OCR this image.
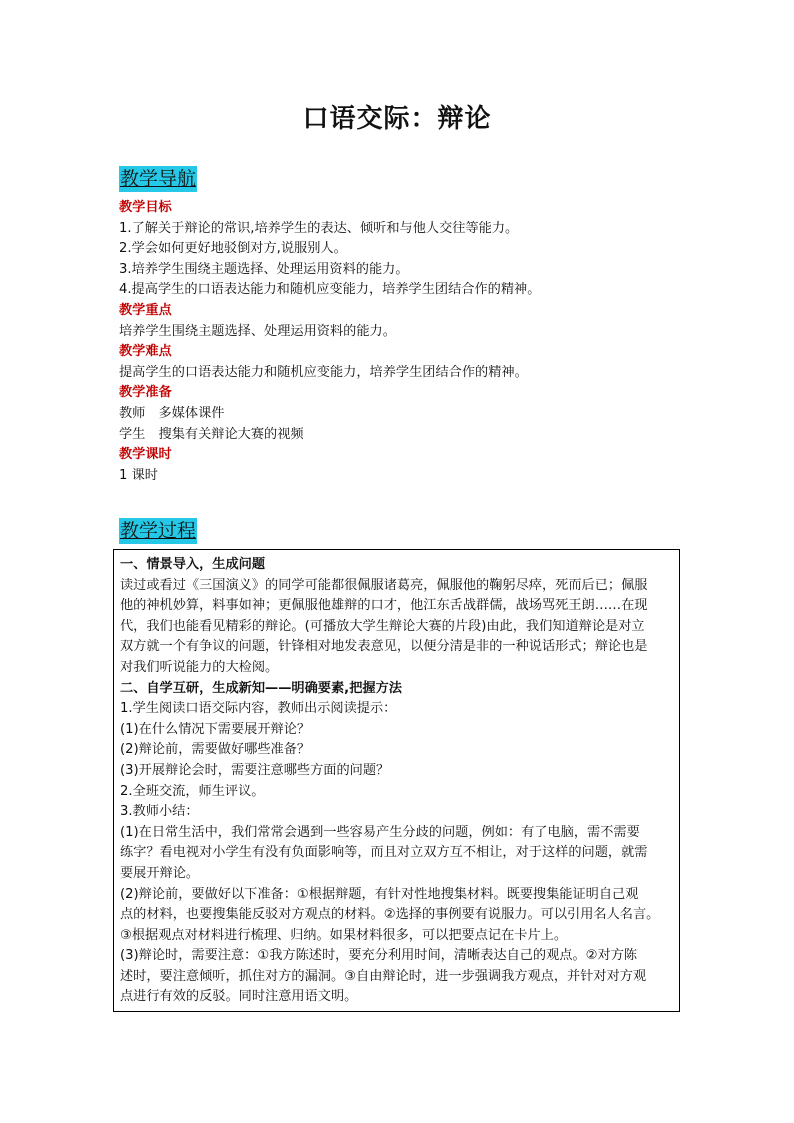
口语交际：辩论
教学导航
教学目标
1.了解关于辩论的常识,培养学生的表达、倾听和与他人交往等能力。
2.学会如何更好地驳倒对方,说服别人。
3.培养学生围绕主题选择、处理运用资料的能力。
4.提高学生的口语表达能力和随机应变能力，培养学生团结合作的精神。
教学重点
培养学生围绕主题选择、处理运用资料的能力。
教学难点
提高学生的口语表达能力和随机应变能力，培养学生团结合作的精神。
教学准备
教师　多媒体课件
学生　搜集有关辩论大赛的视频
教学课时
1 课时
教学过程
一、情景导入，生成问题
读过或看过《三国演义》的同学可能都很佩服诸葛亮，佩服他的鞠躬尽瘁，死而后已；佩服
他的神机妙算，料事如神；更佩服他雄辩的口才，他江东舌战群儒，战场骂死王朗……在现
代，我们也能看见精彩的辩论。(可播放大学生辩论大赛的片段)由此，我们知道辩论是对立
双方就一个有争议的问题，针锋相对地发表意见，以便分清是非的一种说话形式；辩论也是
对我们听说能力的大检阅。
二、自学互研，生成新知——明确要素,把握方法
1.学生阅读口语交际内容，教师出示阅读提示：
(1)在什么情况下需要展开辩论？
(2)辩论前，需要做好哪些准备？
(3)开展辩论会时，需要注意哪些方面的问题？
2.全班交流，师生评议。
3.教师小结：
(1)在日常生活中，我们常常会遇到一些容易产生分歧的问题，例如：有了电脑，需不需要
练字？看电视对小学生有没有负面影响等，而且对立双方互不相让，对于这样的问题，就需
要展开辩论。
(2)辩论前，要做好以下准备：①根据辩题，有针对性地搜集材料。既要搜集能证明自己观
点的材料，也要搜集能反驳对方观点的材料。②选择的事例要有说服力。可以引用名人名言。
③根据观点对材料进行梳理、归纳。如果材料很多，可以把要点记在卡片上。
(3)辩论时，需要注意：①我方陈述时，要充分利用时间，清晰表达自己的观点。②对方陈
述时，要注意倾听，抓住对方的漏洞。③自由辩论时，进一步强调我方观点，并针对对方观
点进行有效的反驳。同时注意用语文明。
